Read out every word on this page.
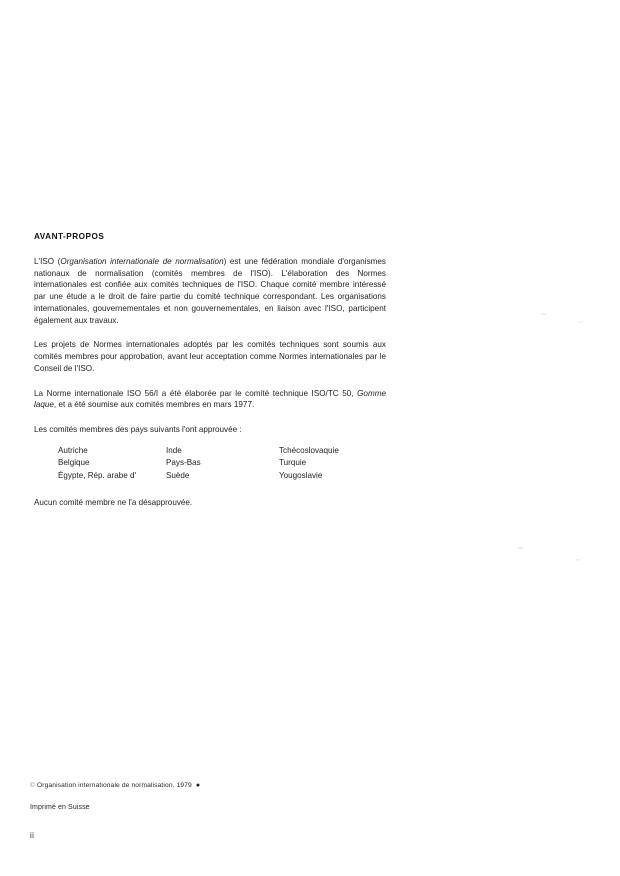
AVANT-PROPOS

L'ISO (Organisation internationale de normalisation) est une fédération mondiale d'organismes nationaux de normalisation (comités membres de l'ISO). L'élaboration des Normes internationales est confiée aux comités techniques de l'ISO. Chaque comité membre intéressé par une étude a le droit de faire partie du comité technique correspondant. Les organisations internationales, gouvernementales et non gouvernementales, en liaison avec l'ISO, participent également aux travaux.

Les projets de Normes internationales adoptés par les comités techniques sont soumis aux comités membres pour approbation, avant leur acceptation comme Normes internationales par le Conseil de l'ISO.

La Norme internationale ISO 56/I a été élaborée par le comité technique ISO/TC 50, Gomme laque, et a été soumise aux comités membres en mars 1977.

Les comités membres des pays suivants l'ont approuvée :

Autriche	Inde	Tchécoslovaquie
Belgique	Pays-Bas	Turquie
Égypte, Rép. arabe d'	Suède	Yougoslavie

Aucun comité membre ne l'a désapprouvée.

© Organisation internationale de normalisation, 1979 ●

Imprimé en Suisse

ii
~
~
~
~
